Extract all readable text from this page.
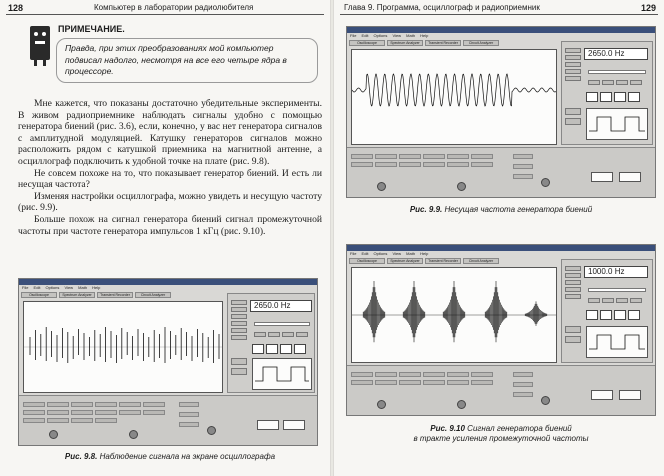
128	Компьютер в лаборатории радиолюбителя
ПРИМЕЧАНИЕ.
Правда, при этих преобразованиях мой компьютер подвисал надолго, несмотря на все его четыре ядра в процессоре.

Мне кажется, что показаны достаточно убедительные эксперименты. В живом радиоприемнике наблюдать сигналы удобно с помощью генератора биений (рис. 3.6), если, конечно, у вас нет генератора сигналов с амплитудной модуляцией. Катушку генераторов сигналов можно расположить рядом с катушкой приемника на магнитной антенне, а осциллограф подключить к удобной точке на плате (рис. 9.8).

Не совсем похоже на то, что показывает генератор биений. И есть ли несущая частота?

Изменяя настройки осциллографа, можно увидеть и несущую частоту (рис. 9.9).

Больше похож на сигнал генератора биений сигнал промежуточной частоты при частоте генератора импульсов 1 кГц (рис. 9.10).

File Edit Options View Math Help
Oscilloscope	Spectrum Analyzer	Transient Recorder	Circuit Analyzer
2650.0 Hz
Рис. 9.8. Наблюдение сигнала на экране осциллографа
Глава 9. Программа, осциллограф и радиоприемник	129
File Edit Options View Math Help
Oscilloscope	Spectrum Analyzer	Transient Recorder	Circuit Analyzer
2650.0 Hz
Рис. 9.9. Несущая частота генератора биений
File Edit Options View Math Help
Oscilloscope	Spectrum Analyzer	Transient Recorder	Circuit Analyzer
1000.0 Hz
Рис. 9.10 Сигнал генератора биений
в тракте усиления промежуточной частоты
